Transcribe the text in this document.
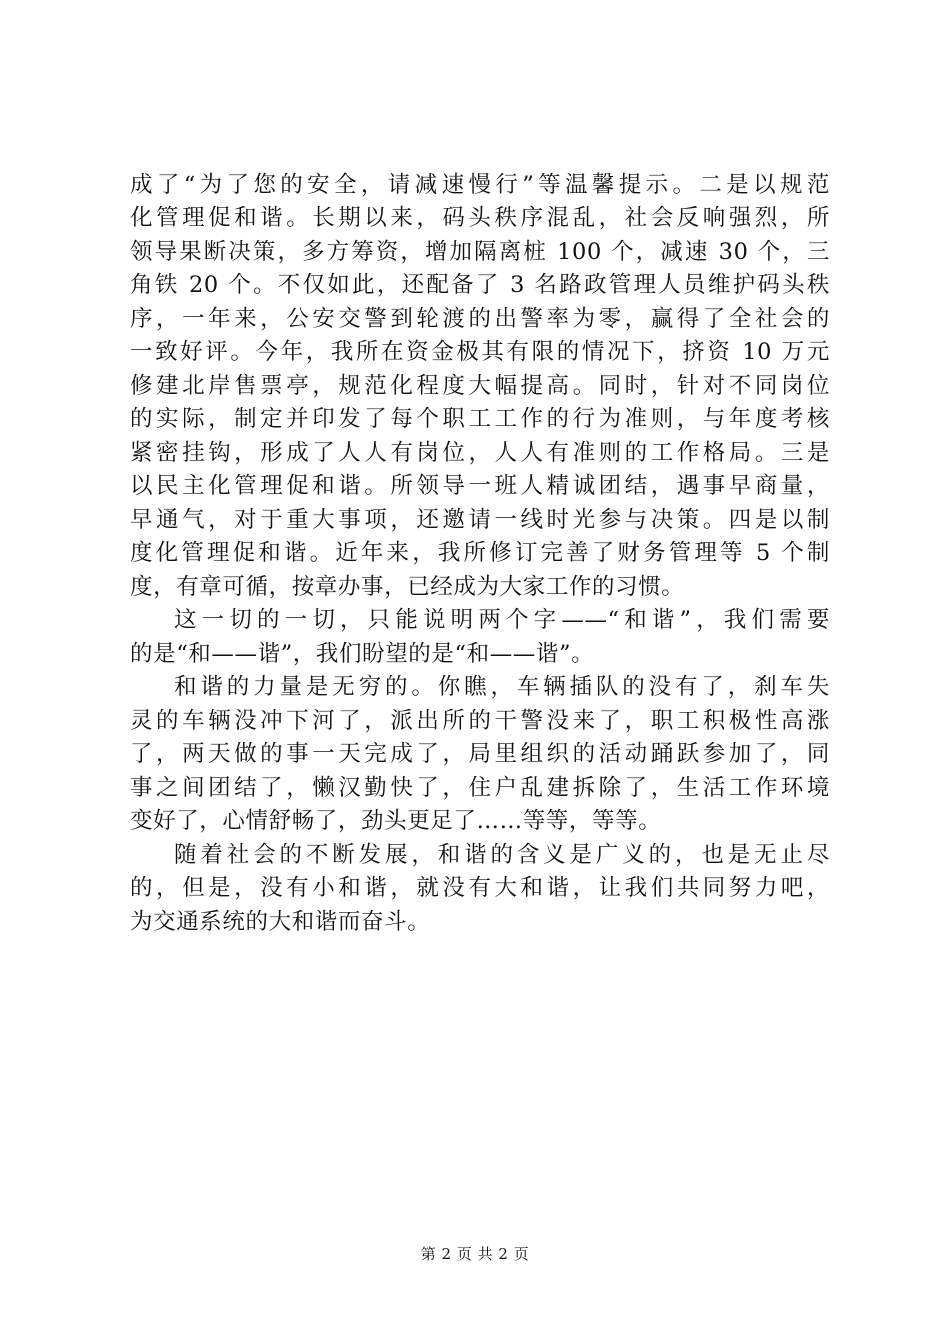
成了“为了您的安全，请减速慢行”等温馨提示。二是以规范
化管理促和谐。长期以来，码头秩序混乱，社会反响强烈，所
领导果断决策，多方筹资，增加隔离桩 100 个，减速 30 个，三
角铁 20 个。不仅如此，还配备了 3 名路政管理人员维护码头秩
序，一年来，公安交警到轮渡的出警率为零，赢得了全社会的
一致好评。今年，我所在资金极其有限的情况下，挤资 10 万元
修建北岸售票亭，规范化程度大幅提高。同时，针对不同岗位
的实际，制定并印发了每个职工工作的行为准则，与年度考核
紧密挂钩，形成了人人有岗位，人人有准则的工作格局。三是
以民主化管理促和谐。所领导一班人精诚团结，遇事早商量，
早通气，对于重大事项，还邀请一线时光参与决策。四是以制
度化管理促和谐。近年来，我所修订完善了财务管理等 5 个制
度，有章可循，按章办事，已经成为大家工作的习惯。
这一切的一切，只能说明两个字——“和谐”，我们需要
的是“和——谐”，我们盼望的是“和——谐”。
和谐的力量是无穷的。你瞧，车辆插队的没有了，刹车失
灵的车辆没冲下河了，派出所的干警没来了，职工积极性高涨
了，两天做的事一天完成了，局里组织的活动踊跃参加了，同
事之间团结了，懒汉勤快了，住户乱建拆除了，生活工作环境
变好了，心情舒畅了，劲头更足了……等等，等等。
随着社会的不断发展，和谐的含义是广义的，也是无止尽
的，但是，没有小和谐，就没有大和谐，让我们共同努力吧，
为交通系统的大和谐而奋斗。
第 2 页 共 2 页
